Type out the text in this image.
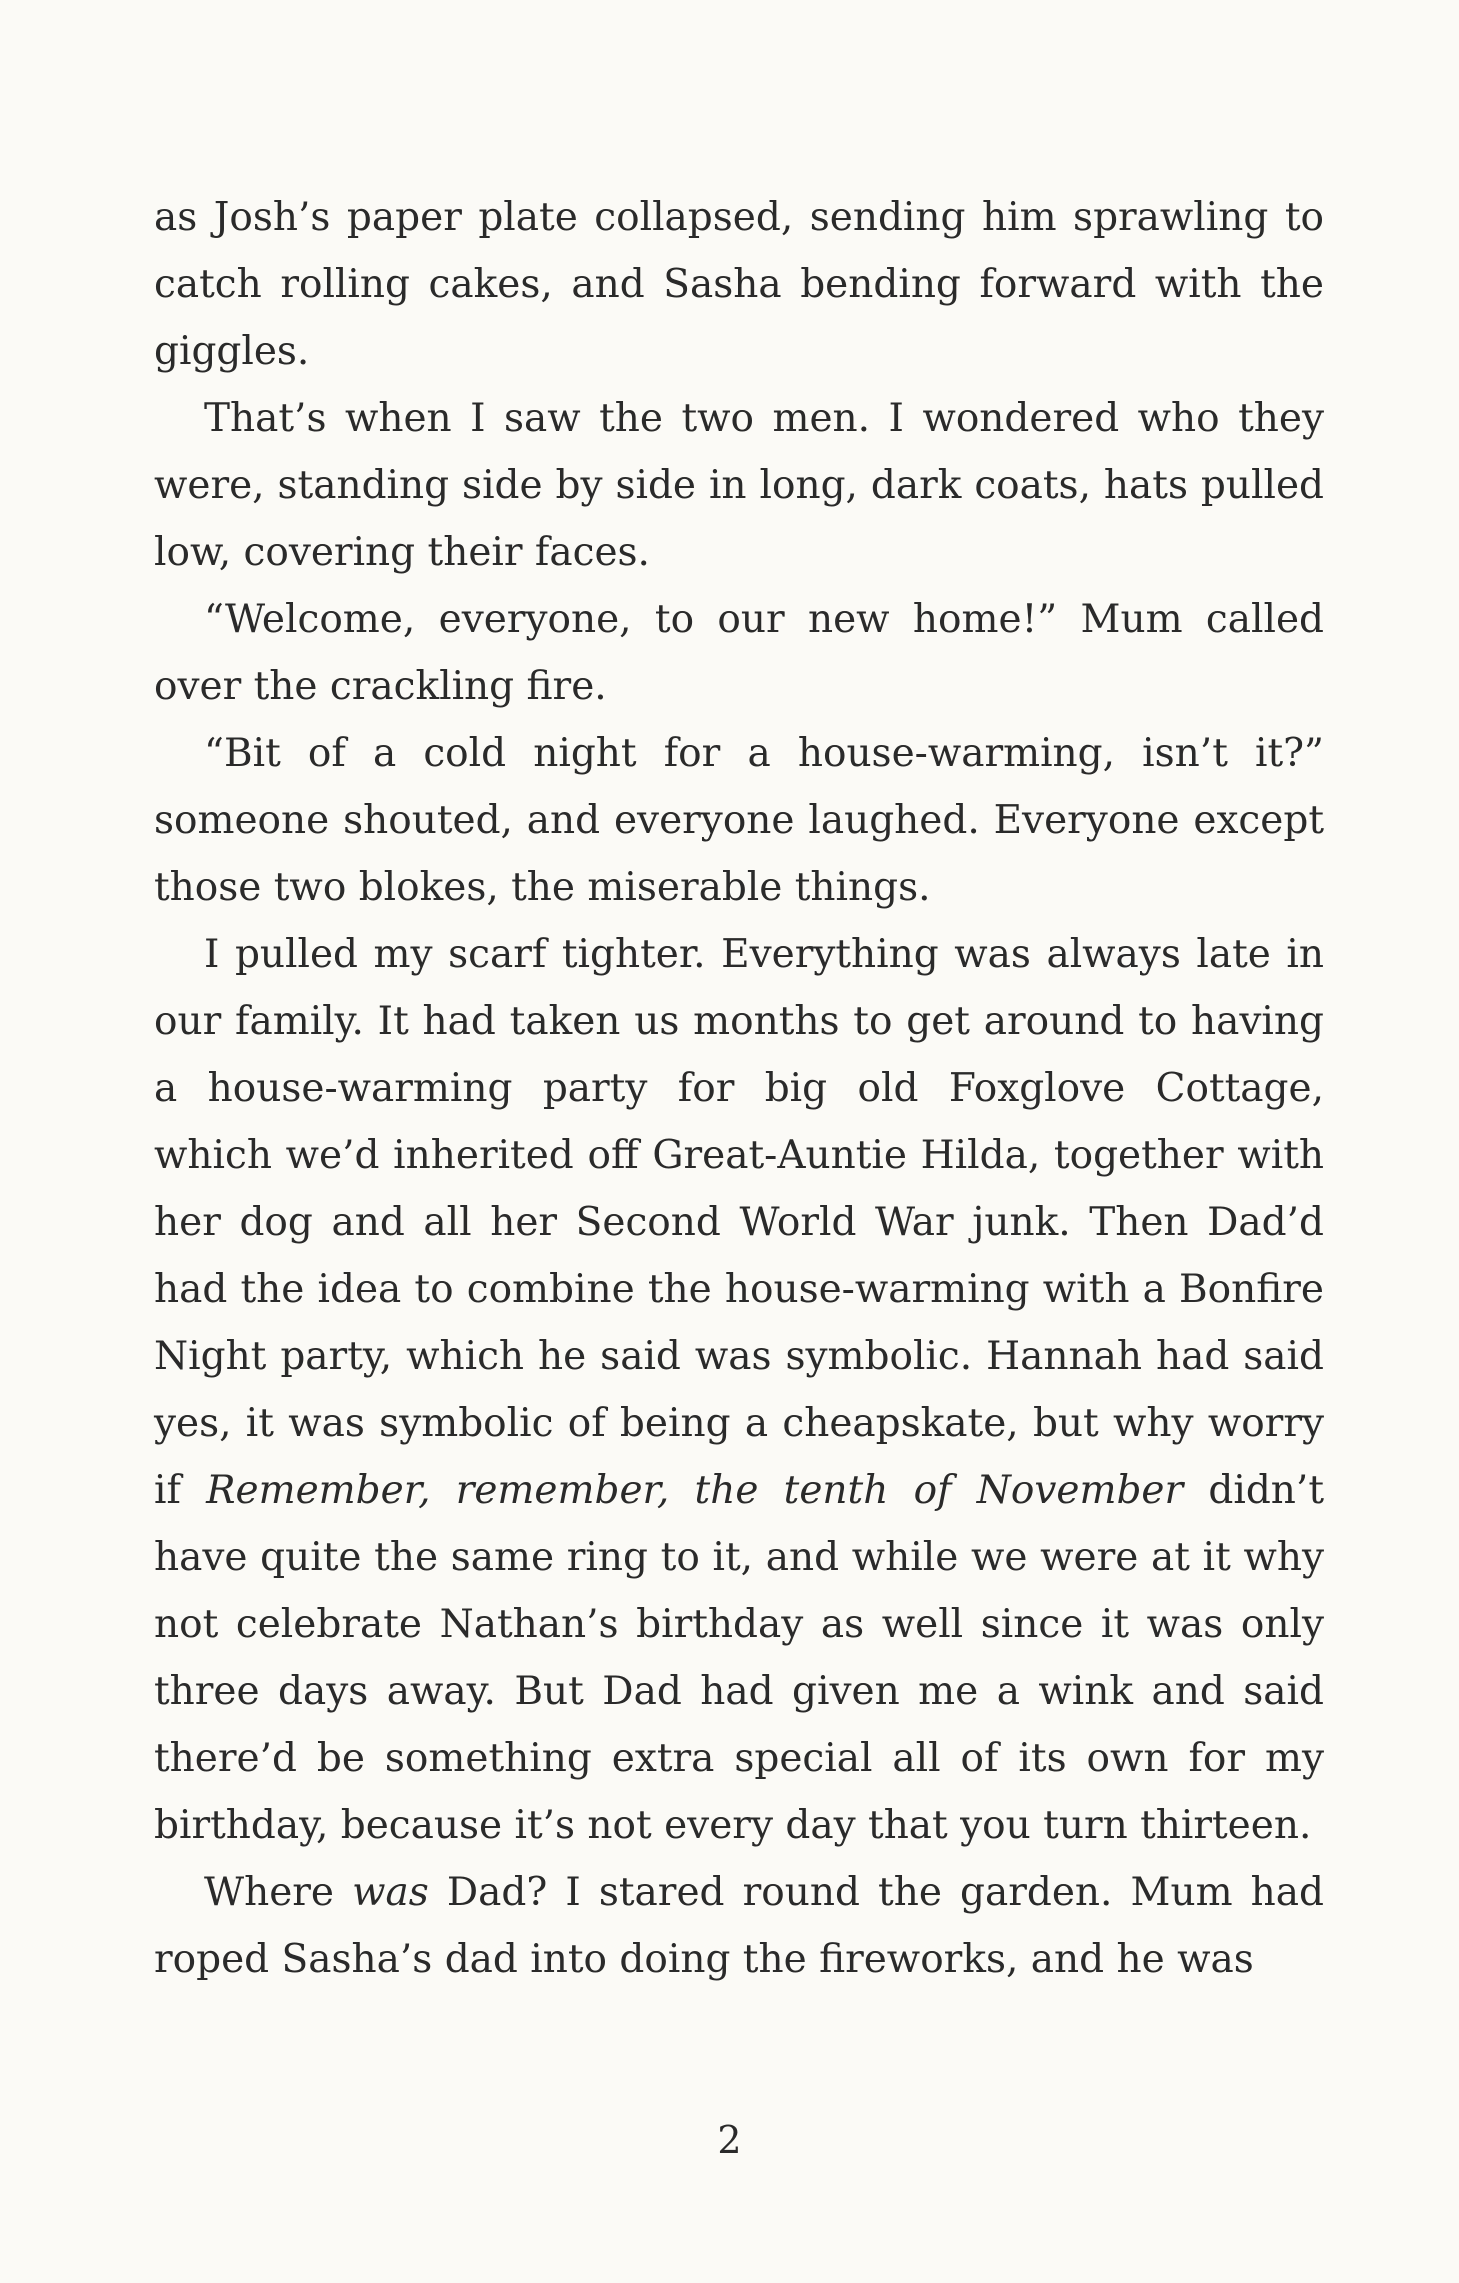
as Josh’s paper plate collapsed, sending him sprawling to catch rolling cakes, and Sasha bending forward with the giggles.

That’s when I saw the two men. I wondered who they were, standing side by side in long, dark coats, hats pulled low, covering their faces.

“Welcome, everyone, to our new home!” Mum called over the crackling fire.

“Bit of a cold night for a house-warming, isn’t it?” someone shouted, and everyone laughed. Everyone except those two blokes, the miserable things.

I pulled my scarf tighter. Everything was always late in our family. It had taken us months to get around to having a house-warming party for big old Foxglove Cottage, which we’d inherited off Great-Auntie Hilda, together with her dog and all her Second World War junk. Then Dad’d had the idea to combine the house-warming with a Bonfire Night party, which he said was symbolic. Hannah had said yes, it was symbolic of being a cheapskate, but why worry if Remember, remember, the tenth of November didn’t have quite the same ring to it, and while we were at it why not celebrate Nathan’s birthday as well since it was only three days away. But Dad had given me a wink and said there’d be something extra special all of its own for my birthday, because it’s not every day that you turn thirteen.

Where was Dad? I stared round the garden. Mum had roped Sasha’s dad into doing the fireworks, and he was

2
